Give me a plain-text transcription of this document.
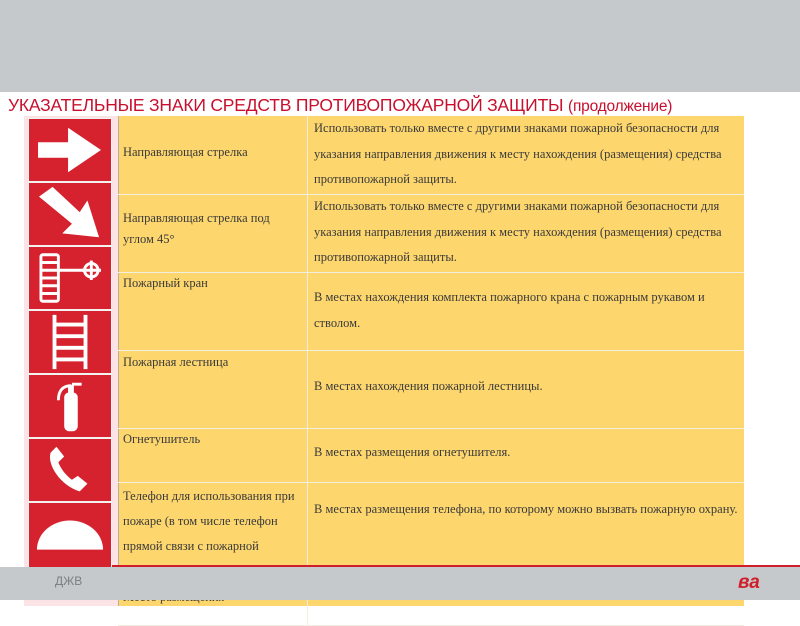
УКАЗАТЕЛЬНЫЕ ЗНАКИ СРЕДСТВ ПРОТИВОПОЖАРНОЙ ЗАЩИТЫ (продолжение)
Направляющая стрелка
Использовать только вместе с другими знаками пожарной безопасности для указания направления движения к месту нахождения (размещения) средства противопожарной защиты.
Направляющая стрелка под углом 45°
Использовать только вместе с другими знаками пожарной безопасности для указания направления движения к месту нахождения (размещения) средства противопожарной защиты.
Пожарный кран
В местах нахождения комплекта пожарного крана с пожарным рукавом и стволом.
Пожарная лестница
В местах нахождения пожарной лестницы.
Огнетушитель
В местах размещения огнетушителя.
Телефон для использования при пожаре (в том числе телефон прямой связи с пожарной
В местах размещения телефона, по которому можно вызвать пожарную охрану.
ДЖВ	ва
